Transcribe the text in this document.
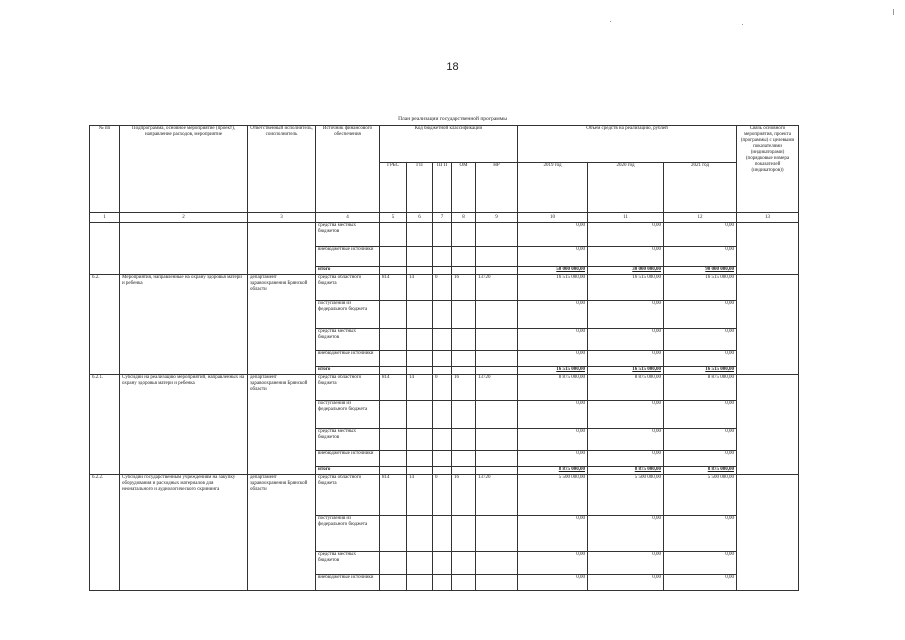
18
План реализации государственной программы
№ пп	Подпрограмма, основное мероприятие (проект), направление расходов, мероприятие	Ответственный исполнитель, соисполнитель	Источник финансового обеспечения	Код бюджетной классификации					Объем средств на реализацию, рублей			Связь основного мероприятия, проекта (программы) с целевыми показателями (индикаторами) (порядковые номера показателей (индикаторов))
				ГРБС	ГП	ПГП	ОМ	НР	2019 год	2020 год	2021 год	
1	2	3	4	5	6	7	8	9	10	11	12	13
			средства местных бюджетов						0,00	0,00	0,00	
			внебюджетные источники						0,00	0,00	0,00	
			итого						50 000 000,00	30 000 000,00	90 000 000,00	
6.2.	Мероприятия, направленные на охрану здоровья матери и ребенка	департамент здравоохранения Брянской области	средства областного бюджета	814	14	0	16	13720	16 515 000,00	16 515 000,00	16 515 000,00	
			поступления из федерального бюджета						0,00	0,00	0,00	
			средства местных бюджетов						0,00	0,00	0,00	
			внебюджетные источники						0,00	0,00	0,00	
			итого						16 515 000,00	16 515 000,00	16 515 000,00	
6.2.1.	Субсидии на реализацию мероприятий, направленных на охрану здоровья матери и ребенка	департамент здравоохранения Брянской области	средства областного бюджета	814	14	0	16	13720	8 875 000,00	8 875 000,00	8 875 000,00	
			поступления из федерального бюджета						0,00	0,00	0,00	
			средства местных бюджетов						0,00	0,00	0,00	
			внебюджетные источники						0,00	0,00	0,00	
			итого						8 875 000,00	8 875 000,00	8 875 000,00	
6.2.2.	Субсидии государственным учреждениям на закупку оборудования и расходных материалов для неонатального и аудиологического скрининга	департамент здравоохранения Брянской области	средства областного бюджета	814	14	0	16	13720	5 500 000,00	5 500 000,00	5 500 000,00	
			поступления из федерального бюджета						0,00	0,00	0,00	
			средства местных бюджетов						0,00	0,00	0,00	
			внебюджетные источники						0,00	0,00	0,00	
